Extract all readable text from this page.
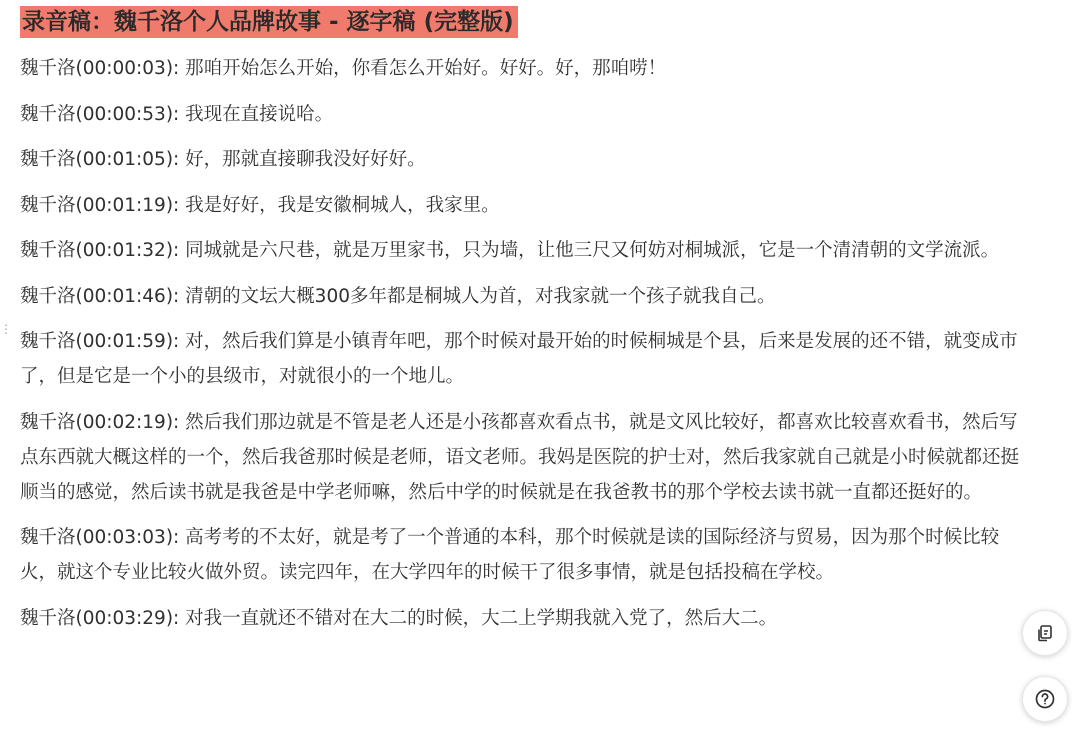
录音稿：魏千洛个人品牌故事 - 逐字稿 (完整版)

魏千洛(00:00:03): 那咱开始怎么开始，你看怎么开始好。好好。好，那咱唠！

魏千洛(00:00:53): 我现在直接说哈。

魏千洛(00:01:05): 好，那就直接聊我没好好好。

魏千洛(00:01:19): 我是好好，我是安徽桐城人，我家里。

魏千洛(00:01:32): 同城就是六尺巷，就是万里家书，只为墙，让他三尺又何妨对桐城派，它是一个清清朝的文学流派。

魏千洛(00:01:46): 清朝的文坛大概300多年都是桐城人为首，对我家就一个孩子就我自己。

魏千洛(00:01:59): 对，然后我们算是小镇青年吧，那个时候对最开始的时候桐城是个县，后来是发展的还不错，就变成市了，但是它是一个小的县级市，对就很小的一个地儿。

魏千洛(00:02:19): 然后我们那边就是不管是老人还是小孩都喜欢看点书，就是文风比较好，都喜欢比较喜欢看书，然后写点东西就大概这样的一个，然后我爸那时候是老师，语文老师。我妈是医院的护士对，然后我家就自己就是小时候就都还挺顺当的感觉，然后读书就是我爸是中学老师嘛，然后中学的时候就是在我爸教书的那个学校去读书就一直都还挺好的。

魏千洛(00:03:03): 高考考的不太好，就是考了一个普通的本科，那个时候就是读的国际经济与贸易，因为那个时候比较火，就这个专业比较火做外贸。读完四年，在大学四年的时候干了很多事情，就是包括投稿在学校。

魏千洛(00:03:29): 对我一直就还不错对在大二的时候，大二上学期我就入党了，然后大二。

⋮
